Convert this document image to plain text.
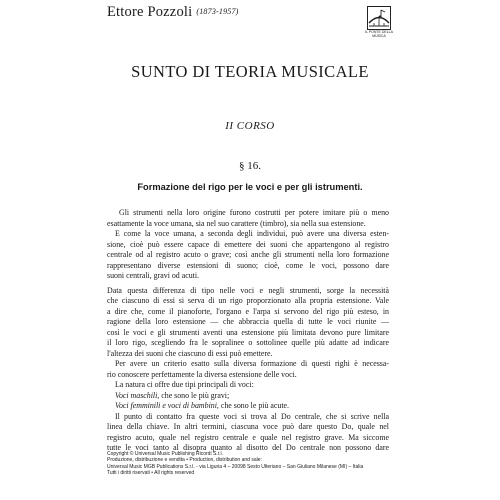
Ettore Pozzoli (1873-1957)
IL PONTE DELLA MUSICA
SUNTO DI TEORIA MUSICALE
II CORSO
§ 16.
Formazione del rigo per le voci e per gli istrumenti.
Gli strumenti nella loro origine furono costrutti per potere imitare più o meno
esattamente la voce umana, sia nel suo carattere (timbro), sia nella sua estensione.
E come la voce umana, a seconda degli individui, può avere una diversa esten-
sione, cioè può essere capace di emettere dei suoni che appartengono al registro
centrale od al registro acuto o grave; così anche gli strumenti nella loro formazione
rappresentano diverse estensioni di suono; cioè, come le voci, possono dare
suoni centrali, gravi od acuti.
Data questa differenza di tipo nelle voci e negli strumenti, sorge la necessità
che ciascuno di essi si serva di un rigo proporzionato alla propria estensione. Vale
a dire che, come il pianoforte, l'organo e l'arpa si servono del rigo più esteso, in
ragione della loro estensione — che abbraccia quella di tutte le voci riunite —
così le voci e gli strumenti aventi una estensione più limitata devono pure limitare
il loro rigo, scegliendo fra le sopralinee o sottolinee quelle più adatte ad indicare
l'altezza dei suoni che ciascuno di essi può emettere.
Per avere un criterio esatto sulla diversa formazione di questi righi è necessa-
rio conoscere perfettamente la diversa estensione delle voci.
La natura ci offre due tipi principali di voci:
Voci maschili, che sono le più gravi;
Voci femminili e voci di bambini, che sono le più acute.
Il punto di contatto fra queste voci si trova al Do centrale, che si scrive nella
linea della chiave. In altri termini, ciascuna voce può dare questo Do, quale nel
registro acuto, quale nel registro centrale e quale nel registro grave. Ma siccome
tutte le voci tanto al disopra quanto al disotto del Do centrale non possono dare
Copyright © Universal Music Publishing Ricordi S.r.l.
Produzione, distribuzione e vendita • Production, distribution and sale:
Universal Music MGB Publications S.r.l. - via Liguria 4 – 20098 Sesto Ulteriano – San Giuliano Milanese (MI) – Italia
Tutti i diritti riservati • All rights reserved
